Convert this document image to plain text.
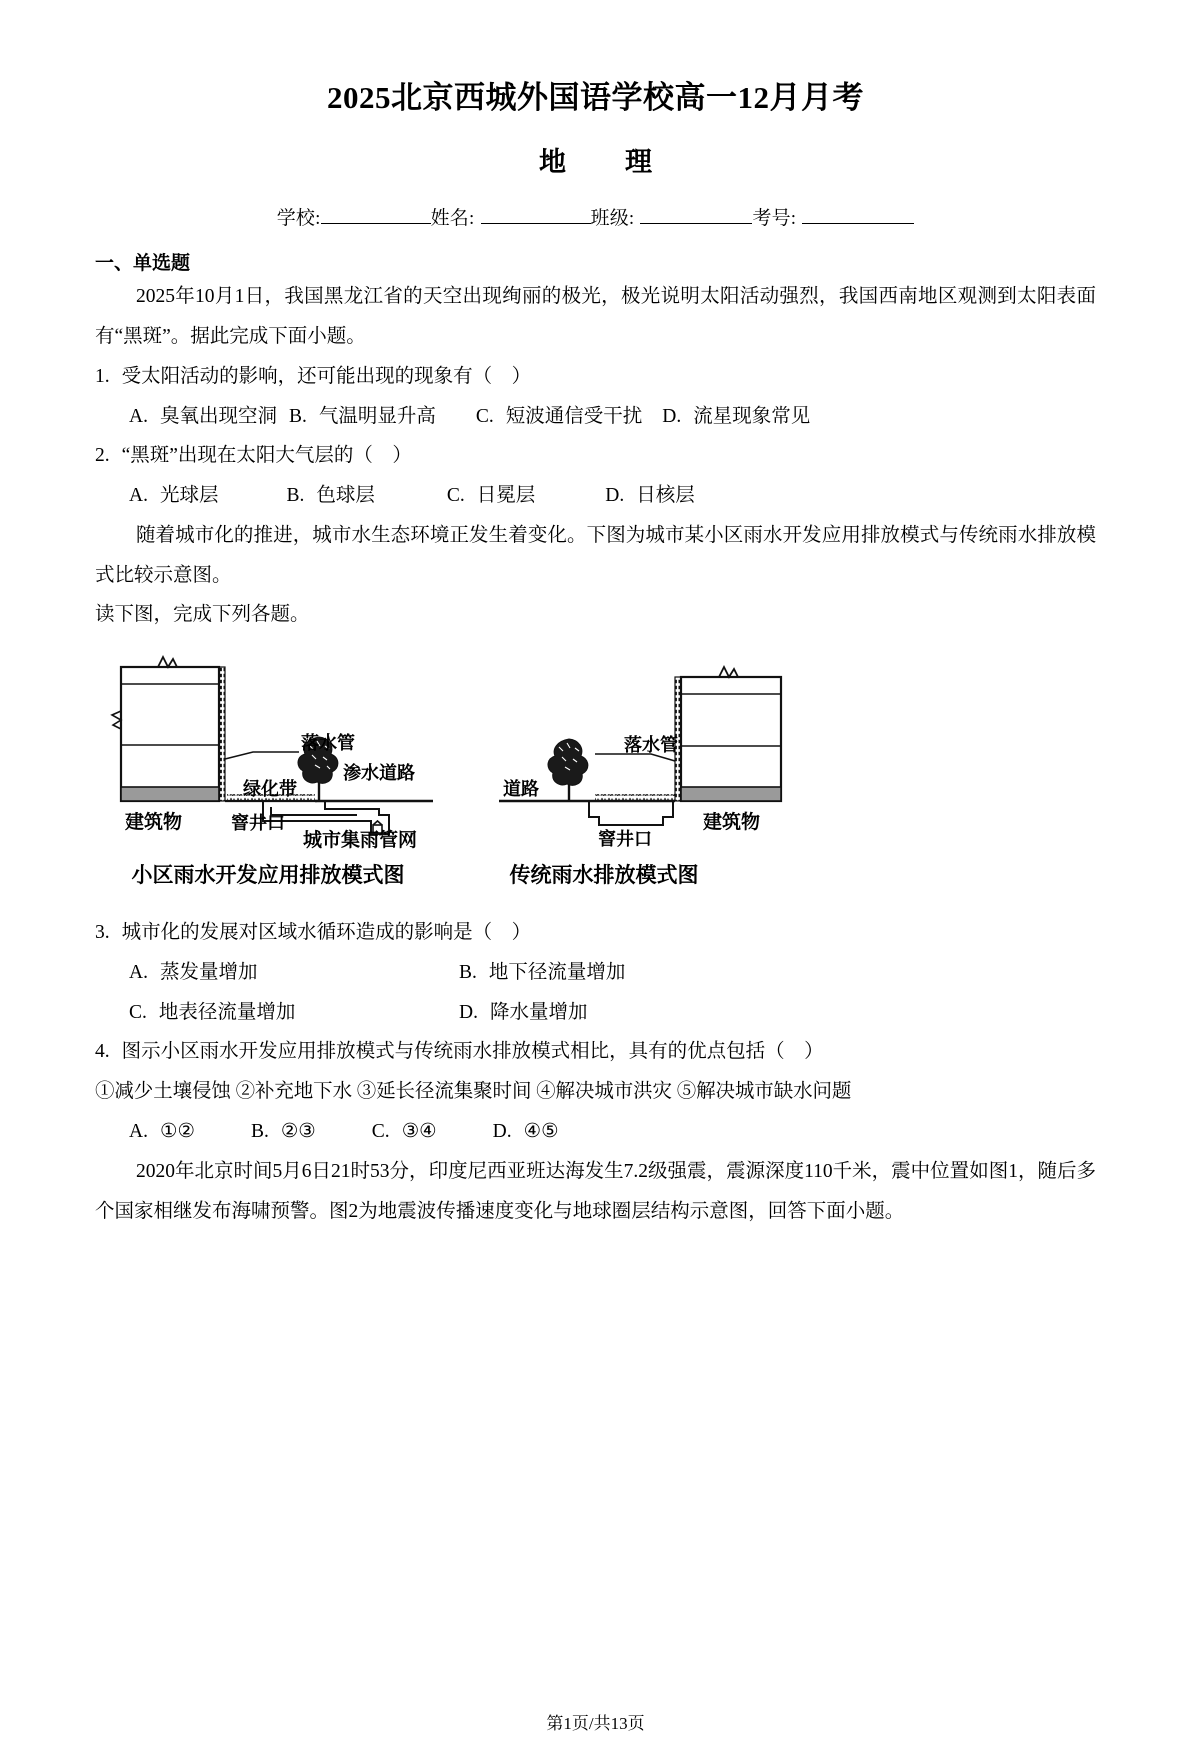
2025北京西城外国语学校高一12月月考
地　理
学校:	姓名:	班级:	考号:
一、单选题

2025年10月1日，我国黑龙江省的天空出现绚丽的极光，极光说明太阳活动强烈，我国西南地区观测到太阳表面有“黑斑”。据此完成下面小题。

1. 受太阳活动的影响，还可能出现的现象有（　）

A. 臭氧出现空洞 B. 气温明显升高 C. 短波通信受干扰 D. 流星现象常见

2. “黑斑”出现在太阳大气层的（　）

A. 光球层	B. 色球层	C. 日冕层	D. 日核层

随着城市化的推进，城市水生态环境正发生着变化。下图为城市某小区雨水开发应用排放模式与传统雨水排放模式比较示意图。

读下图，完成下列各题。

落水管
绿化带
渗水道路
建筑物	窨井口
城市集雨管网
落水管
道路
窨井口
建筑物
小区雨水开发应用排放模式图	传统雨水排放模式图

3. 城市化的发展对区域水循环造成的影响是（　）

A. 蒸发量增加	B. 地下径流量增加
C. 地表径流量增加	D. 降水量增加

4. 图示小区雨水开发应用排放模式与传统雨水排放模式相比，具有的优点包括（　）

①减少土壤侵蚀 ②补充地下水 ③延长径流集聚时间 ④解决城市洪灾 ⑤解决城市缺水问题

A. ①②	B. ②③	C. ③④	D. ④⑤

2020年北京时间5月6日21时53分，印度尼西亚班达海发生7.2级强震，震源深度110千米，震中位置如图1，随后多个国家相继发布海啸预警。图2为地震波传播速度变化与地球圈层结构示意图，回答下面小题。

第1页/共13页
